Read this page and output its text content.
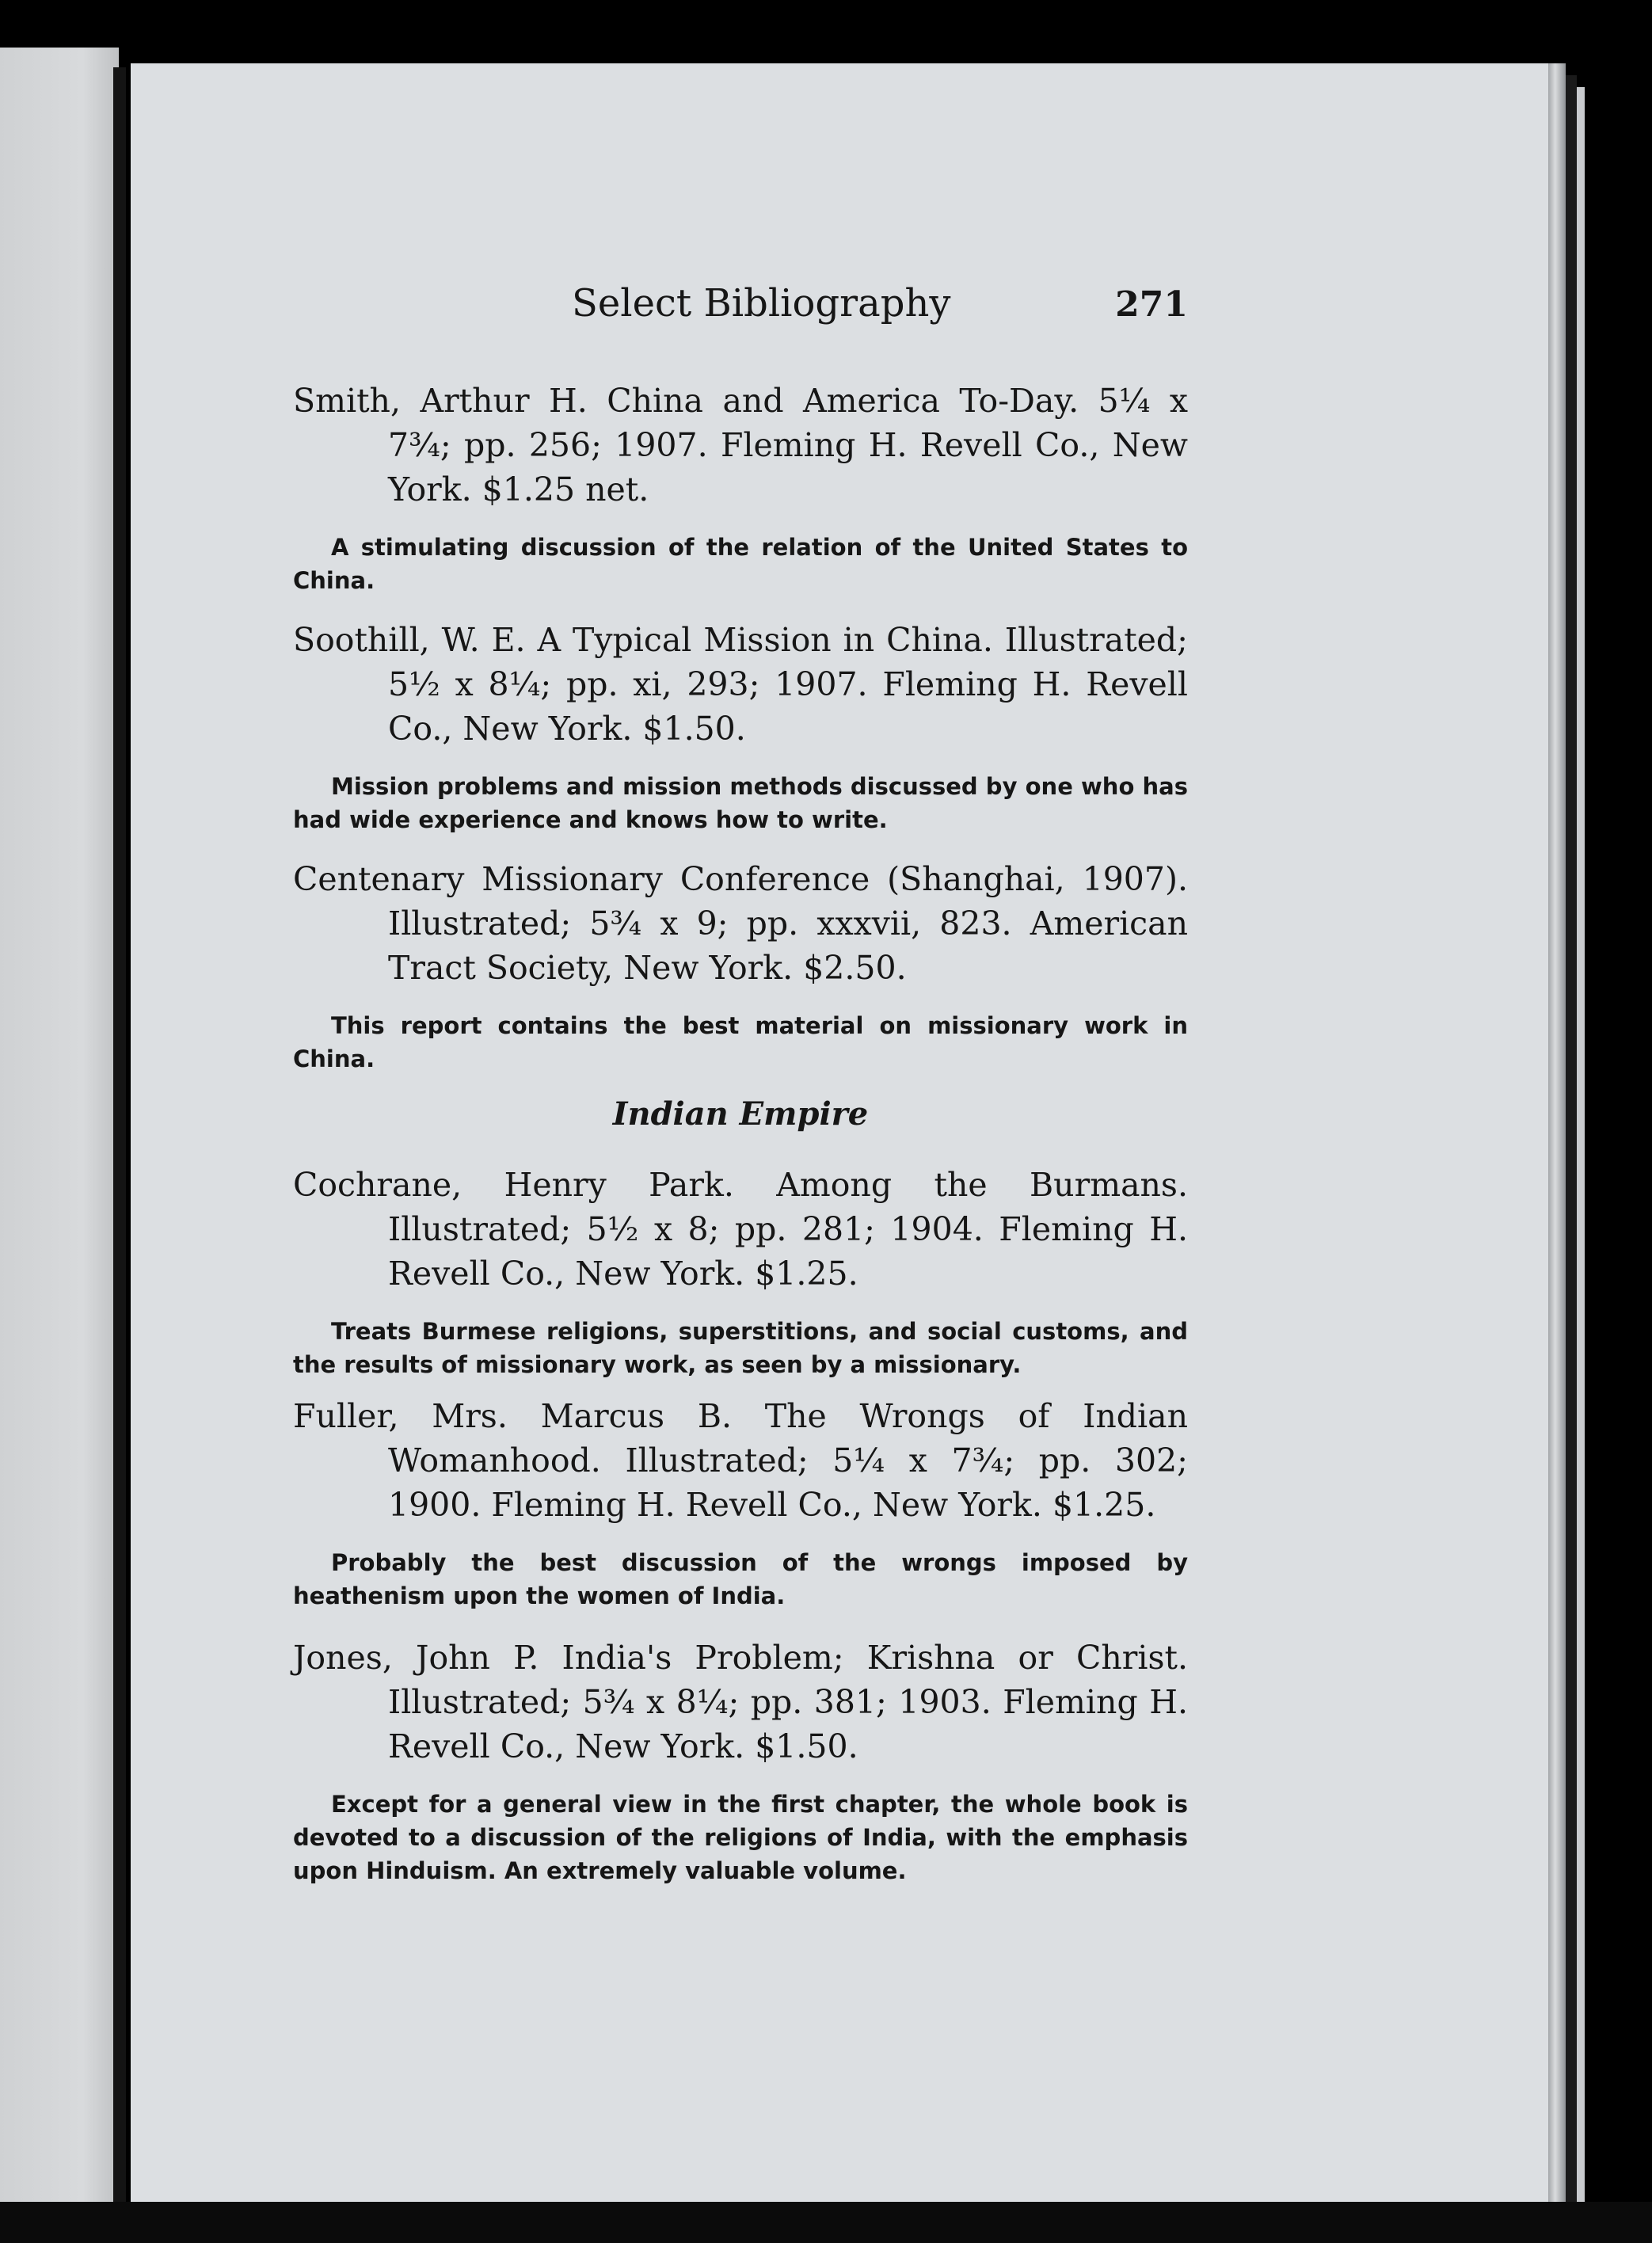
Select Bibliography	271

Smith, Arthur H. China and America To-Day. 5¼ x 7¾; pp. 256; 1907. Fleming H. Revell Co., New York. $1.25 net.

A stimulating discussion of the relation of the United States to China.

Soothill, W. E. A Typical Mission in China. Illustrated; 5½ x 8¼; pp. xi, 293; 1907. Fleming H. Revell Co., New York. $1.50.

Mission problems and mission methods discussed by one who has had wide experience and knows how to write.

Centenary Missionary Conference (Shanghai, 1907). Illustrated; 5¾ x 9; pp. xxxvii, 823. American Tract Society, New York. $2.50.

This report contains the best material on missionary work in China.

Indian Empire

Cochrane, Henry Park. Among the Burmans. Illustrated; 5½ x 8; pp. 281; 1904. Fleming H. Revell Co., New York. $1.25.

Treats Burmese religions, superstitions, and social customs, and the results of missionary work, as seen by a missionary.

Fuller, Mrs. Marcus B. The Wrongs of Indian Womanhood. Illustrated; 5¼ x 7¾; pp. 302; 1900. Fleming H. Revell Co., New York. $1.25.

Probably the best discussion of the wrongs imposed by heathenism upon the women of India.

Jones, John P. India's Problem; Krishna or Christ. Illustrated; 5¾ x 8¼; pp. 381; 1903. Fleming H. Revell Co., New York. $1.50.

Except for a general view in the first chapter, the whole book is devoted to a discussion of the religions of India, with the emphasis upon Hinduism. An extremely valuable volume.
